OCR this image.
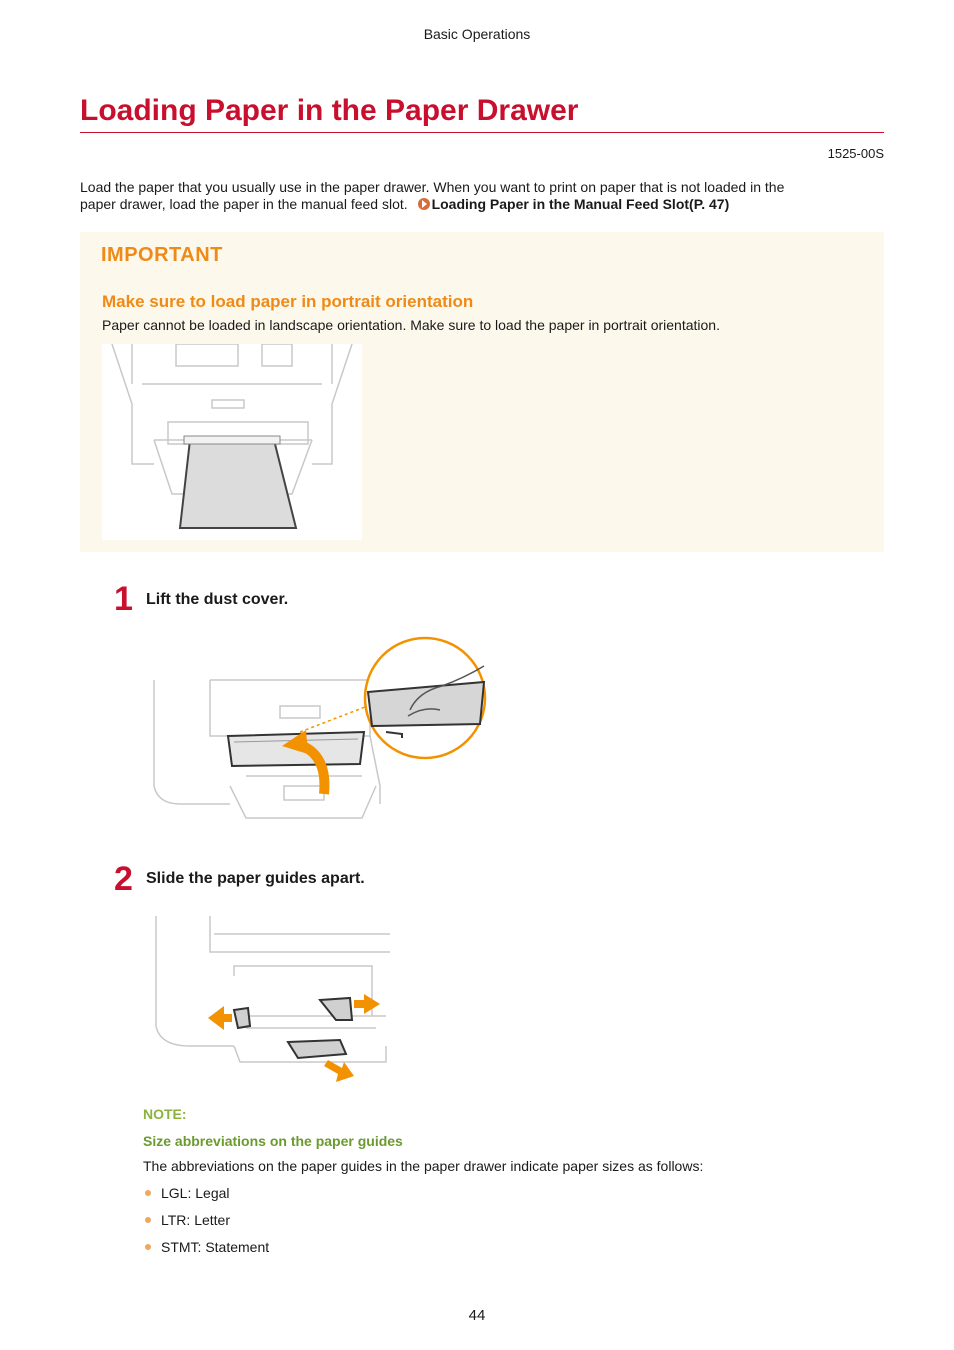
Basic Operations
Loading Paper in the Paper Drawer
1525-00S
Load the paper that you usually use in the paper drawer. When you want to print on paper that is not loaded in the
paper drawer, load the paper in the manual feed slot. Loading Paper in the Manual Feed Slot(P. 47)
IMPORTANT
Make sure to load paper in portrait orientation
Paper cannot be loaded in landscape orientation. Make sure to load the paper in portrait orientation.
1 Lift the dust cover.
2 Slide the paper guides apart.
NOTE:
Size abbreviations on the paper guides
The abbreviations on the paper guides in the paper drawer indicate paper sizes as follows:
LGL: Legal
LTR: Letter
STMT: Statement
44
